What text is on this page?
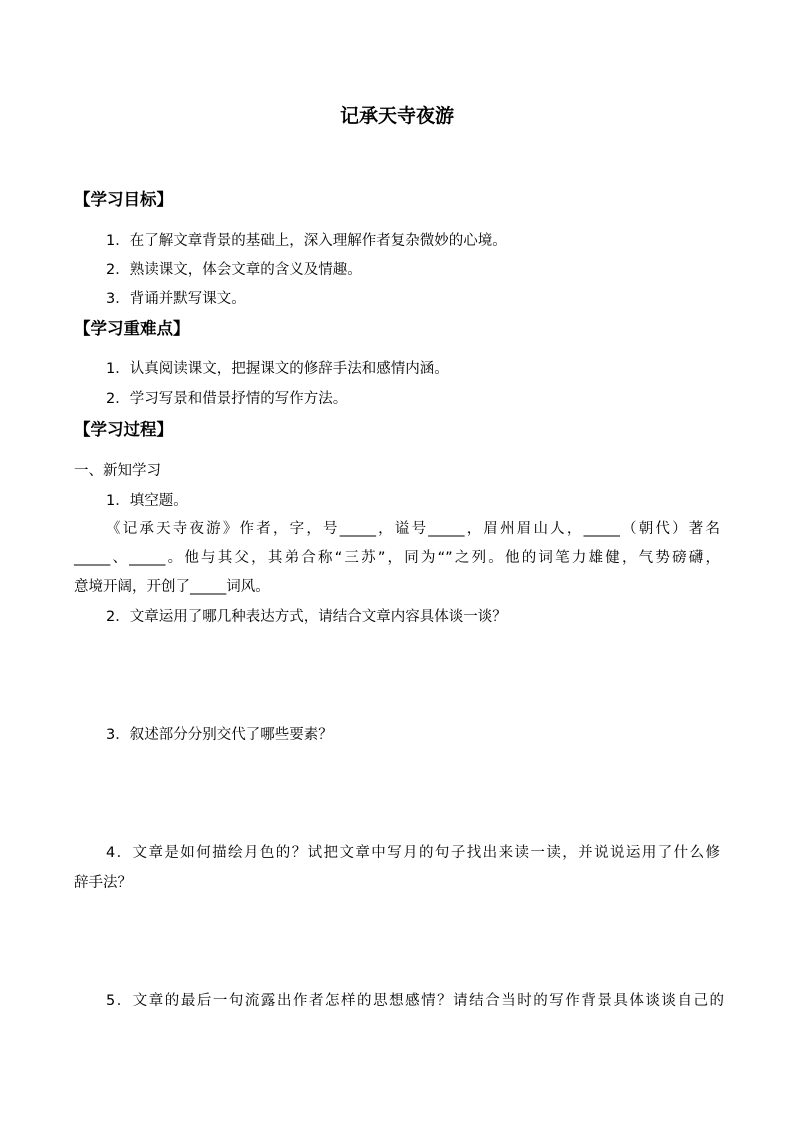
记承天寺夜游
【学习目标】
1．在了解文章背景的基础上，深入理解作者复杂微妙的心境。
2．熟读课文，体会文章的含义及情趣。
3．背诵并默写课文。
【学习重难点】
1．认真阅读课文，把握课文的修辞手法和感情内涵。
2．学习写景和借景抒情的写作方法。
【学习过程】
一、新知学习
1．填空题。
《记承天寺夜游》作者，字，号_____，谥号_____，眉州眉山人，_____（朝代）著名
_____、_____。他与其父，其弟合称“三苏”，同为“”之列。他的词笔力雄健，气势磅礴，
意境开阔，开创了_____词风。
2．文章运用了哪几种表达方式，请结合文章内容具体谈一谈？
3．叙述部分分别交代了哪些要素？
4．文章是如何描绘月色的？试把文章中写月的句子找出来读一读，并说说运用了什么修
辞手法？
5．文章的最后一句流露出作者怎样的思想感情？请结合当时的写作背景具体谈谈自己的
